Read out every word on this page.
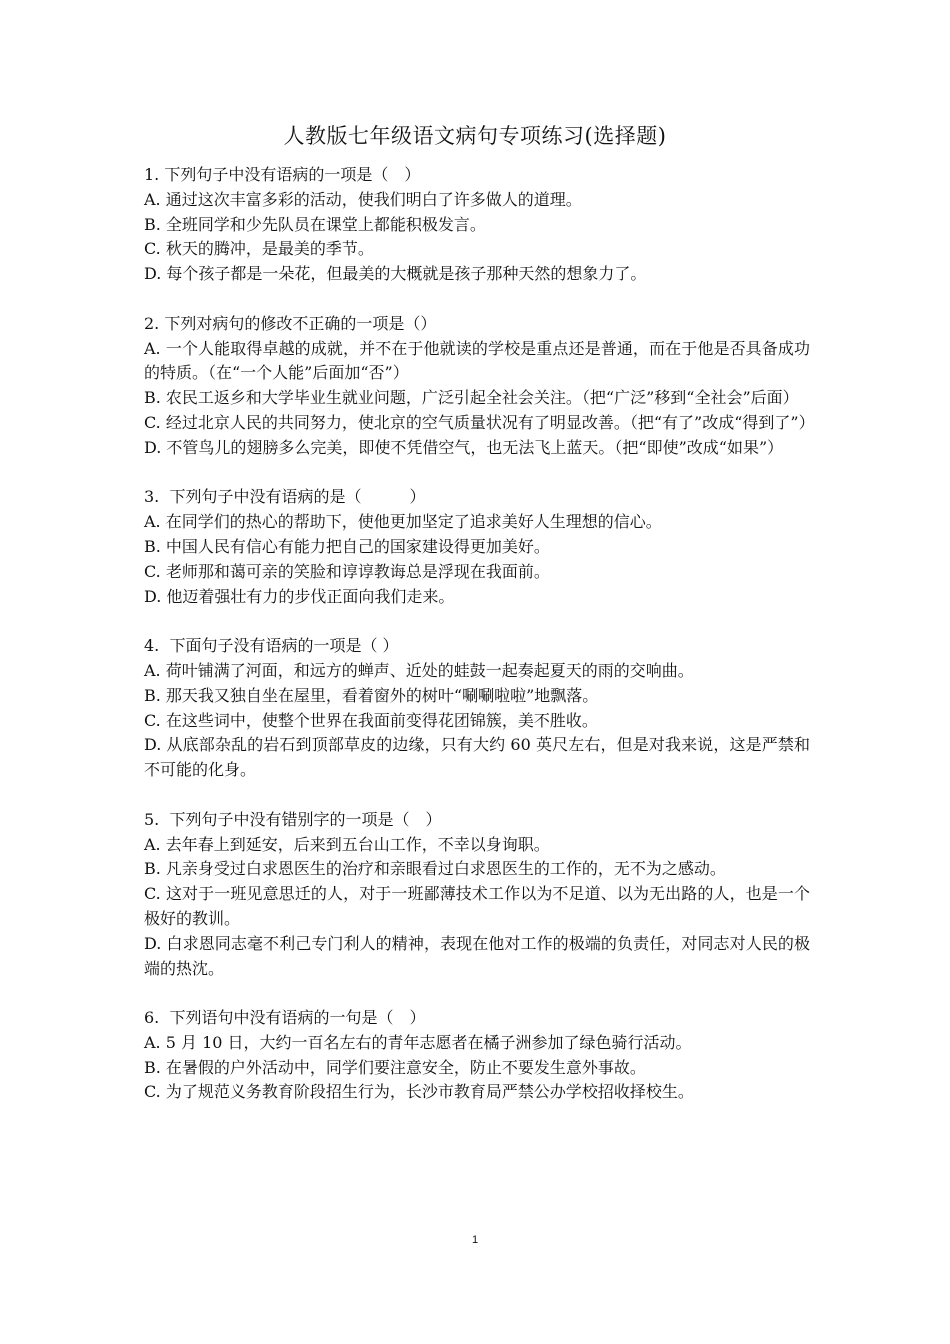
人教版七年级语文病句专项练习(选择题)

1. 下列句子中没有语病的一项是（　）

A. 通过这次丰富多彩的活动，使我们明白了许多做人的道理。

B. 全班同学和少先队员在课堂上都能积极发言。

C. 秋天的腾冲，是最美的季节。

D. 每个孩子都是一朵花，但最美的大概就是孩子那种天然的想象力了。

2. 下列对病句的修改不正确的一项是（）

A. 一个人能取得卓越的成就，并不在于他就读的学校是重点还是普通，而在于他是否具备成功的特质。（在“一个人能”后面加“否”）

B. 农民工返乡和大学毕业生就业问题，广泛引起全社会关注。（把“广泛”移到“全社会”后面）

C. 经过北京人民的共同努力，使北京的空气质量状况有了明显改善。（把“有了”改成“得到了”）

D. 不管鸟儿的翅膀多么完美，即使不凭借空气，也无法飞上蓝天。（把“即使”改成“如果”）

3.  下列句子中没有语病的是（　　　）

A. 在同学们的热心的帮助下，使他更加坚定了追求美好人生理想的信心。

B. 中国人民有信心有能力把自己的国家建设得更加美好。

C. 老师那和蔼可亲的笑脸和谆谆教诲总是浮现在我面前。

D. 他迈着强壮有力的步伐正面向我们走来。

4.  下面句子没有语病的一项是（ ）

A. 荷叶铺满了河面，和远方的蝉声、近处的蛙鼓一起奏起夏天的雨的交响曲。

B. 那天我又独自坐在屋里，看着窗外的树叶“唰唰啦啦”地飘落。

C. 在这些词中，使整个世界在我面前变得花团锦簇，美不胜收。

D. 从底部杂乱的岩石到顶部草皮的边缘，只有大约 60 英尺左右，但是对我来说，这是严禁和不可能的化身。

5.  下列句子中没有错别字的一项是（　）

A. 去年春上到延安，后来到五台山工作，不幸以身询职。

B. 凡亲身受过白求恩医生的治疗和亲眼看过白求恩医生的工作的，无不为之感动。

C. 这对于一班见意思迁的人，对于一班鄙薄技术工作以为不足道、以为无出路的人，也是一个极好的教训。

D. 白求恩同志毫不利己专门利人的精神，表现在他对工作的极端的负责任，对同志对人民的极端的热沈。

6.  下列语句中没有语病的一句是（　）

A. 5 月 10 日，大约一百名左右的青年志愿者在橘子洲参加了绿色骑行活动。

B. 在暑假的户外活动中，同学们要注意安全，防止不要发生意外事故。

C. 为了规范义务教育阶段招生行为，长沙市教育局严禁公办学校招收择校生。

1
